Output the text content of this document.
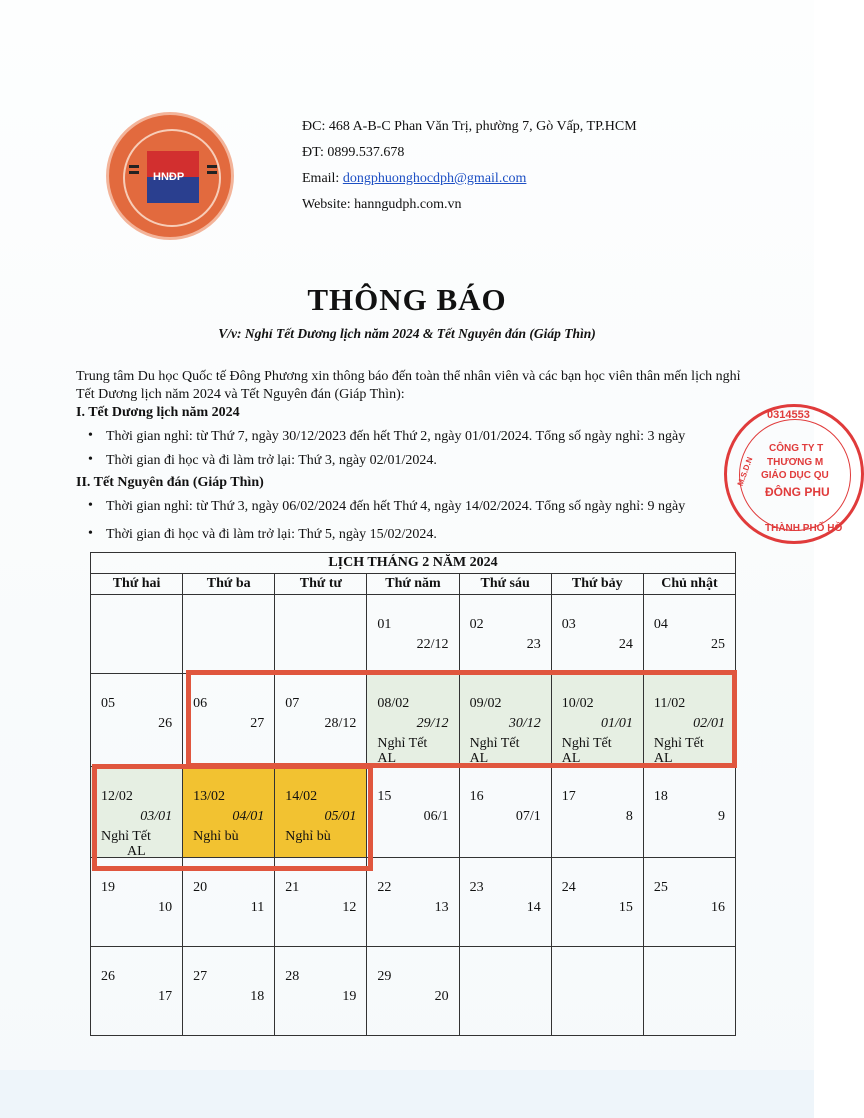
HNĐP
ĐC: 468 A-B-C Phan Văn Trị, phường 7, Gò Vấp, TP.HCM
ĐT: 0899.537.678
Email: dongphuonghocdph@gmail.com
Website: hanngudph.com.vn
THÔNG BÁO
V/v: Nghỉ Tết Dương lịch năm 2024 & Tết Nguyên đán (Giáp Thìn)

Trung tâm Du học Quốc tế Đông Phương xin thông báo đến toàn thể nhân viên và các bạn học viên thân mến lịch nghỉ Tết Dương lịch năm 2024 và Tết Nguyên đán (Giáp Thìn):

I. Tết Dương lịch năm 2024

• Thời gian nghỉ: từ Thứ 7, ngày 30/12/2023 đến hết Thứ 2, ngày 01/01/2024. Tổng số ngày nghỉ: 3 ngày
• Thời gian đi học và đi làm trở lại: Thứ 3, ngày 02/01/2024.

II. Tết Nguyên đán (Giáp Thìn)

• Thời gian nghỉ: từ Thứ 3, ngày 06/02/2024 đến hết Thứ 4, ngày 14/02/2024. Tổng số ngày nghỉ: 9 ngày
• Thời gian đi học và đi làm trở lại: Thứ 5, ngày 15/02/2024.
0314553
CÔNG TY T
THƯƠNG M
GIÁO DỤC QU
ĐÔNG PHU
THÀNH PHỐ HỒ
M.S.D.N
LỊCH THÁNG 2 NĂM 2024						
Thứ hai	Thứ ba	Thứ tư	Thứ năm	Thứ sáu	Thứ bảy	Chủ nhật

			01
22/12	02
23	03
24	04
25

05
26	06
27	07
28/12	08/02
29/12
Nghỉ Tết
AL	09/02
30/12
Nghỉ Tết
AL	10/02
01/01
Nghỉ Tết
AL	11/02
02/01
Nghỉ Tết
AL

12/02
03/01
Nghỉ Tết
AL	13/02
04/01
Nghỉ bù	14/02
05/01
Nghỉ bù	15
06/1	16
07/1	17
8	18
9

19
10	20
11	21
12	22
13	23
14	24
15	25
16

26
17	27
18	28
19	29
20			
